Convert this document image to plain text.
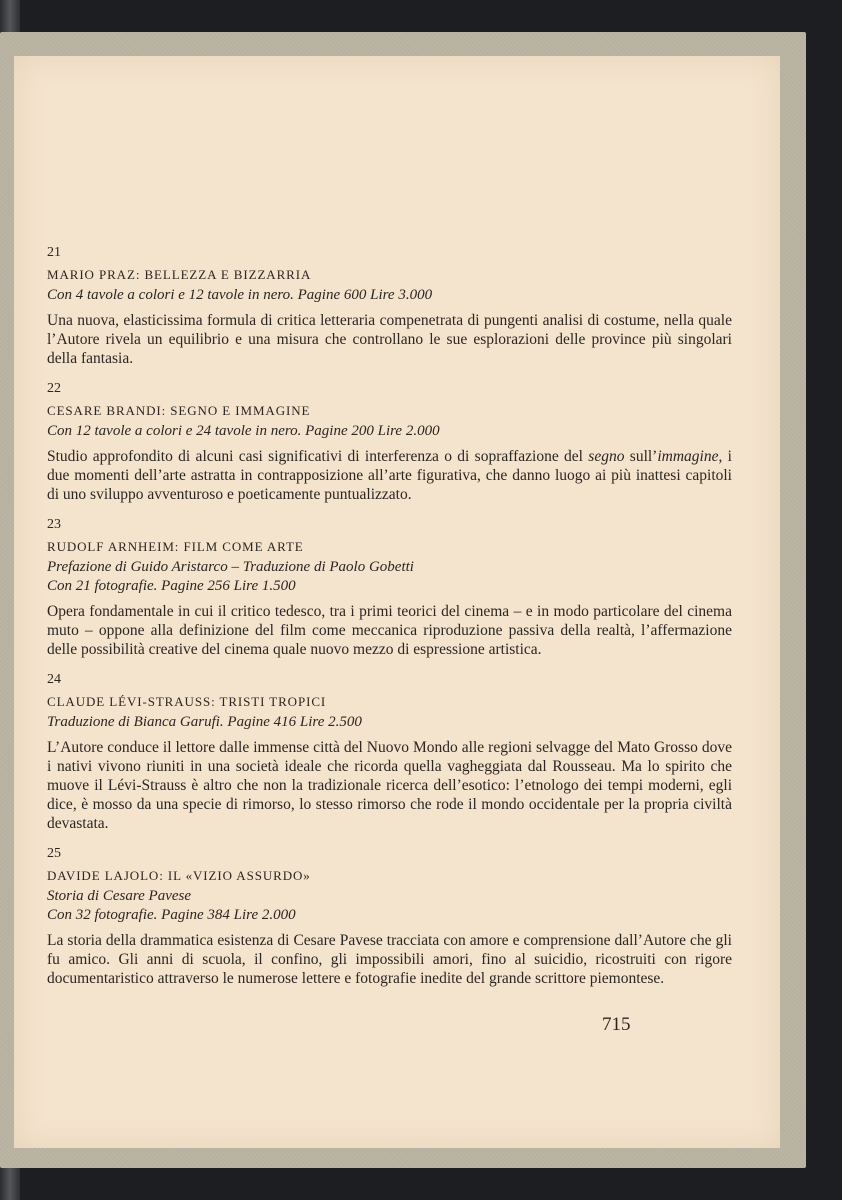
21
MARIO PRAZ: BELLEZZA E BIZZARRIA
Con 4 tavole a colori e 12 tavole in nero. Pagine 600 Lire 3.000
Una nuova, elasticissima formula di critica letteraria compenetrata di pungenti analisi di costume, nella quale l’Autore rivela un equilibrio e una misura che controllano le sue esplorazioni delle province più singolari della fantasia.
22
CESARE BRANDI: SEGNO E IMMAGINE
Con 12 tavole a colori e 24 tavole in nero. Pagine 200 Lire 2.000
Studio approfondito di alcuni casi significativi di interferenza o di sopraffazione del segno sull’immagine, i due momenti dell’arte astratta in contrapposizione all’arte figurativa, che danno luogo ai più inattesi capitoli di uno sviluppo avventuroso e poeticamente puntualizzato.
23
RUDOLF ARNHEIM: FILM COME ARTE
Prefazione di Guido Aristarco – Traduzione di Paolo Gobetti
Con 21 fotografie. Pagine 256 Lire 1.500
Opera fondamentale in cui il critico tedesco, tra i primi teorici del cinema – e in modo particolare del cinema muto – oppone alla definizione del film come meccanica riproduzione passiva della realtà, l’affermazione delle possibilità creative del cinema quale nuovo mezzo di espressione artistica.
24
CLAUDE LÉVI-STRAUSS: TRISTI TROPICI
Traduzione di Bianca Garufi. Pagine 416 Lire 2.500
L’Autore conduce il lettore dalle immense città del Nuovo Mondo alle regioni selvagge del Mato Grosso dove i nativi vivono riuniti in una società ideale che ricorda quella vagheggiata dal Rousseau. Ma lo spirito che muove il Lévi-Strauss è altro che non la tradizionale ricerca dell’esotico: l’etnologo dei tempi moderni, egli dice, è mosso da una specie di rimorso, lo stesso rimorso che rode il mondo occidentale per la propria civiltà devastata.
25
DAVIDE LAJOLO: IL «VIZIO ASSURDO»
Storia di Cesare Pavese
Con 32 fotografie. Pagine 384 Lire 2.000
La storia della drammatica esistenza di Cesare Pavese tracciata con amore e comprensione dall’Autore che gli fu amico. Gli anni di scuola, il confino, gli impossibili amori, fino al suicidio, ricostruiti con rigore documentaristico attraverso le numerose lettere e fotografie inedite del grande scrittore piemontese.
715
